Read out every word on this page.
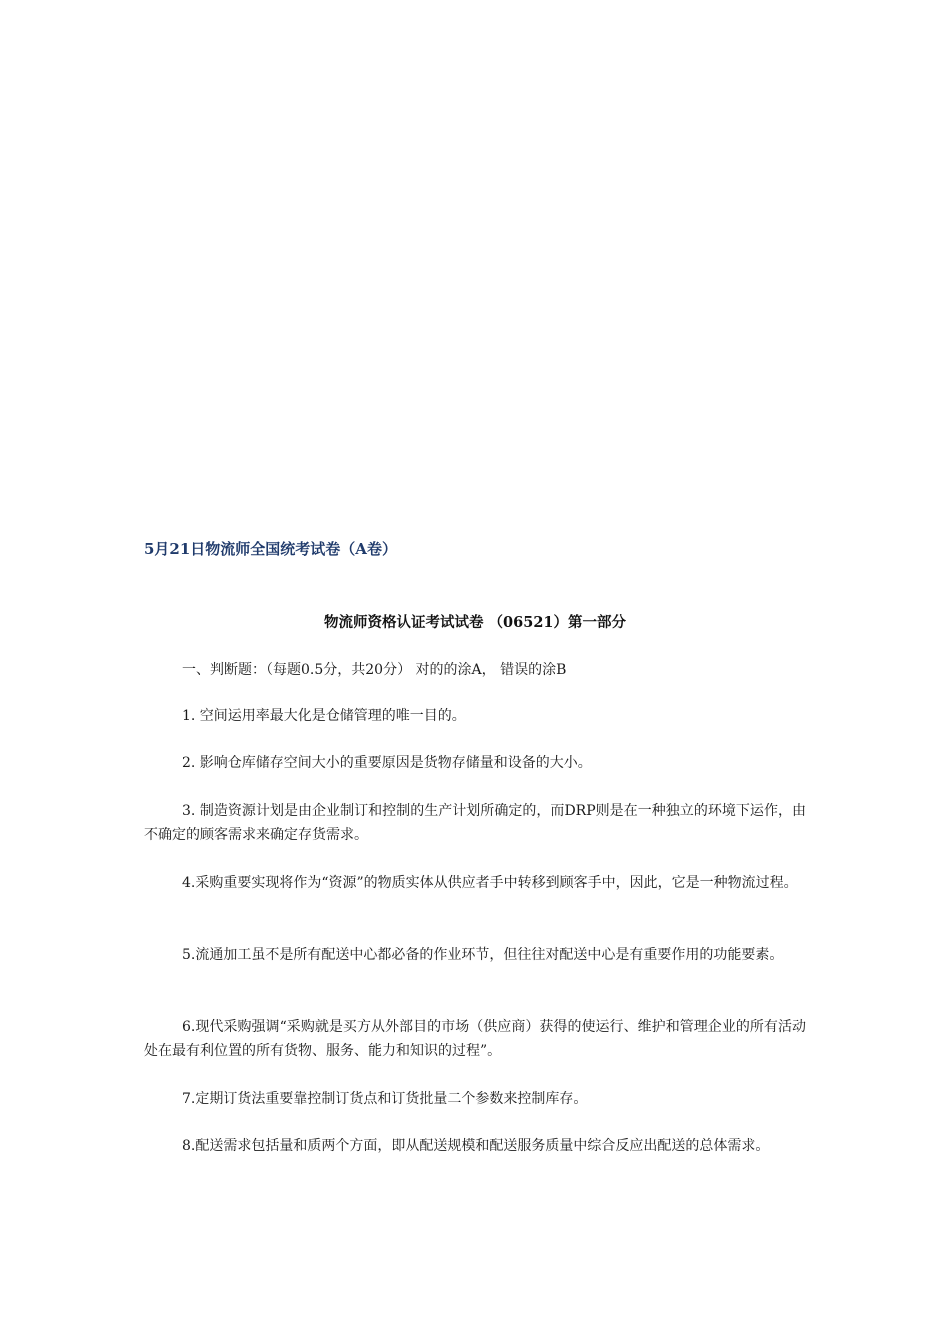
5月21日物流师全国统考试卷（A卷）
物流师资格认证考试试卷 （06521）第一部分
一、判断题：（每题0.5分，共20分） 对的的涂A， 错误的涂B
1. 空间运用率最大化是仓储管理的唯一目的。
2. 影响仓库储存空间大小的重要原因是货物存储量和设备的大小。
3. 制造资源计划是由企业制订和控制的生产计划所确定的，而DRP则是在一种独立的环境下运作，由不确定的顾客需求来确定存货需求。
4.采购重要实现将作为“资源”的物质实体从供应者手中转移到顾客手中，因此，它是一种物流过程。
5.流通加工虽不是所有配送中心都必备的作业环节，但往往对配送中心是有重要作用的功能要素。
6.现代采购强调“采购就是买方从外部目的市场（供应商）获得的使运行、维护和管理企业的所有活动处在最有利位置的所有货物、服务、能力和知识的过程”。
7.定期订货法重要靠控制订货点和订货批量二个参数来控制库存。
8.配送需求包括量和质两个方面，即从配送规模和配送服务质量中综合反应出配送的总体需求。
